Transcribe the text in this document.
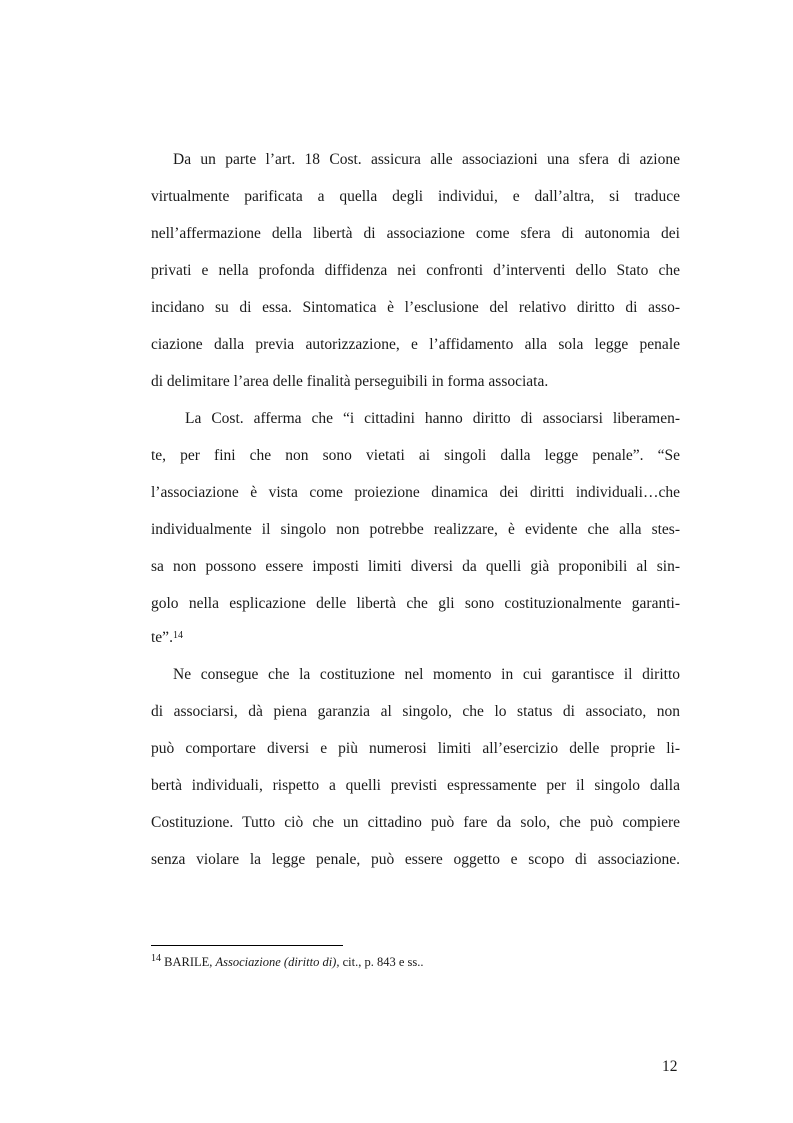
Da un parte l’art. 18 Cost. assicura alle associazioni una sfera di azione
virtualmente parificata a quella degli individui, e dall’altra, si traduce
nell’affermazione della libertà di associazione come sfera di autonomia dei
privati e nella profonda diffidenza nei confronti d’interventi dello Stato che
incidano su di essa. Sintomatica è l’esclusione del relativo diritto di asso-
ciazione dalla previa autorizzazione, e l’affidamento alla sola legge penale
di delimitare l’area delle finalità perseguibili in forma associata.
La Cost. afferma che “i cittadini hanno diritto di associarsi liberamen-
te, per fini che non sono vietati ai singoli dalla legge penale”. “Se
l’associazione è vista come proiezione dinamica dei diritti individuali…che
individualmente il singolo non potrebbe realizzare, è evidente che alla stes-
sa non possono essere imposti limiti diversi da quelli già proponibili al sin-
golo nella esplicazione delle libertà che gli sono costituzionalmente garanti-
te”.$^{14}$
Ne consegue che la costituzione nel momento in cui garantisce il diritto
di associarsi, dà piena garanzia al singolo, che lo status di associato, non
può comportare diversi e più numerosi limiti all’esercizio delle proprie li-
bertà individuali, rispetto a quelli previsti espressamente per il singolo dalla
Costituzione. Tutto ciò che un cittadino può fare da solo, che può compiere
senza violare la legge penale, può essere oggetto e scopo di associazione.
$^{14}$ BARILE, Associazione (diritto di), cit., p. 843 e ss..
12
